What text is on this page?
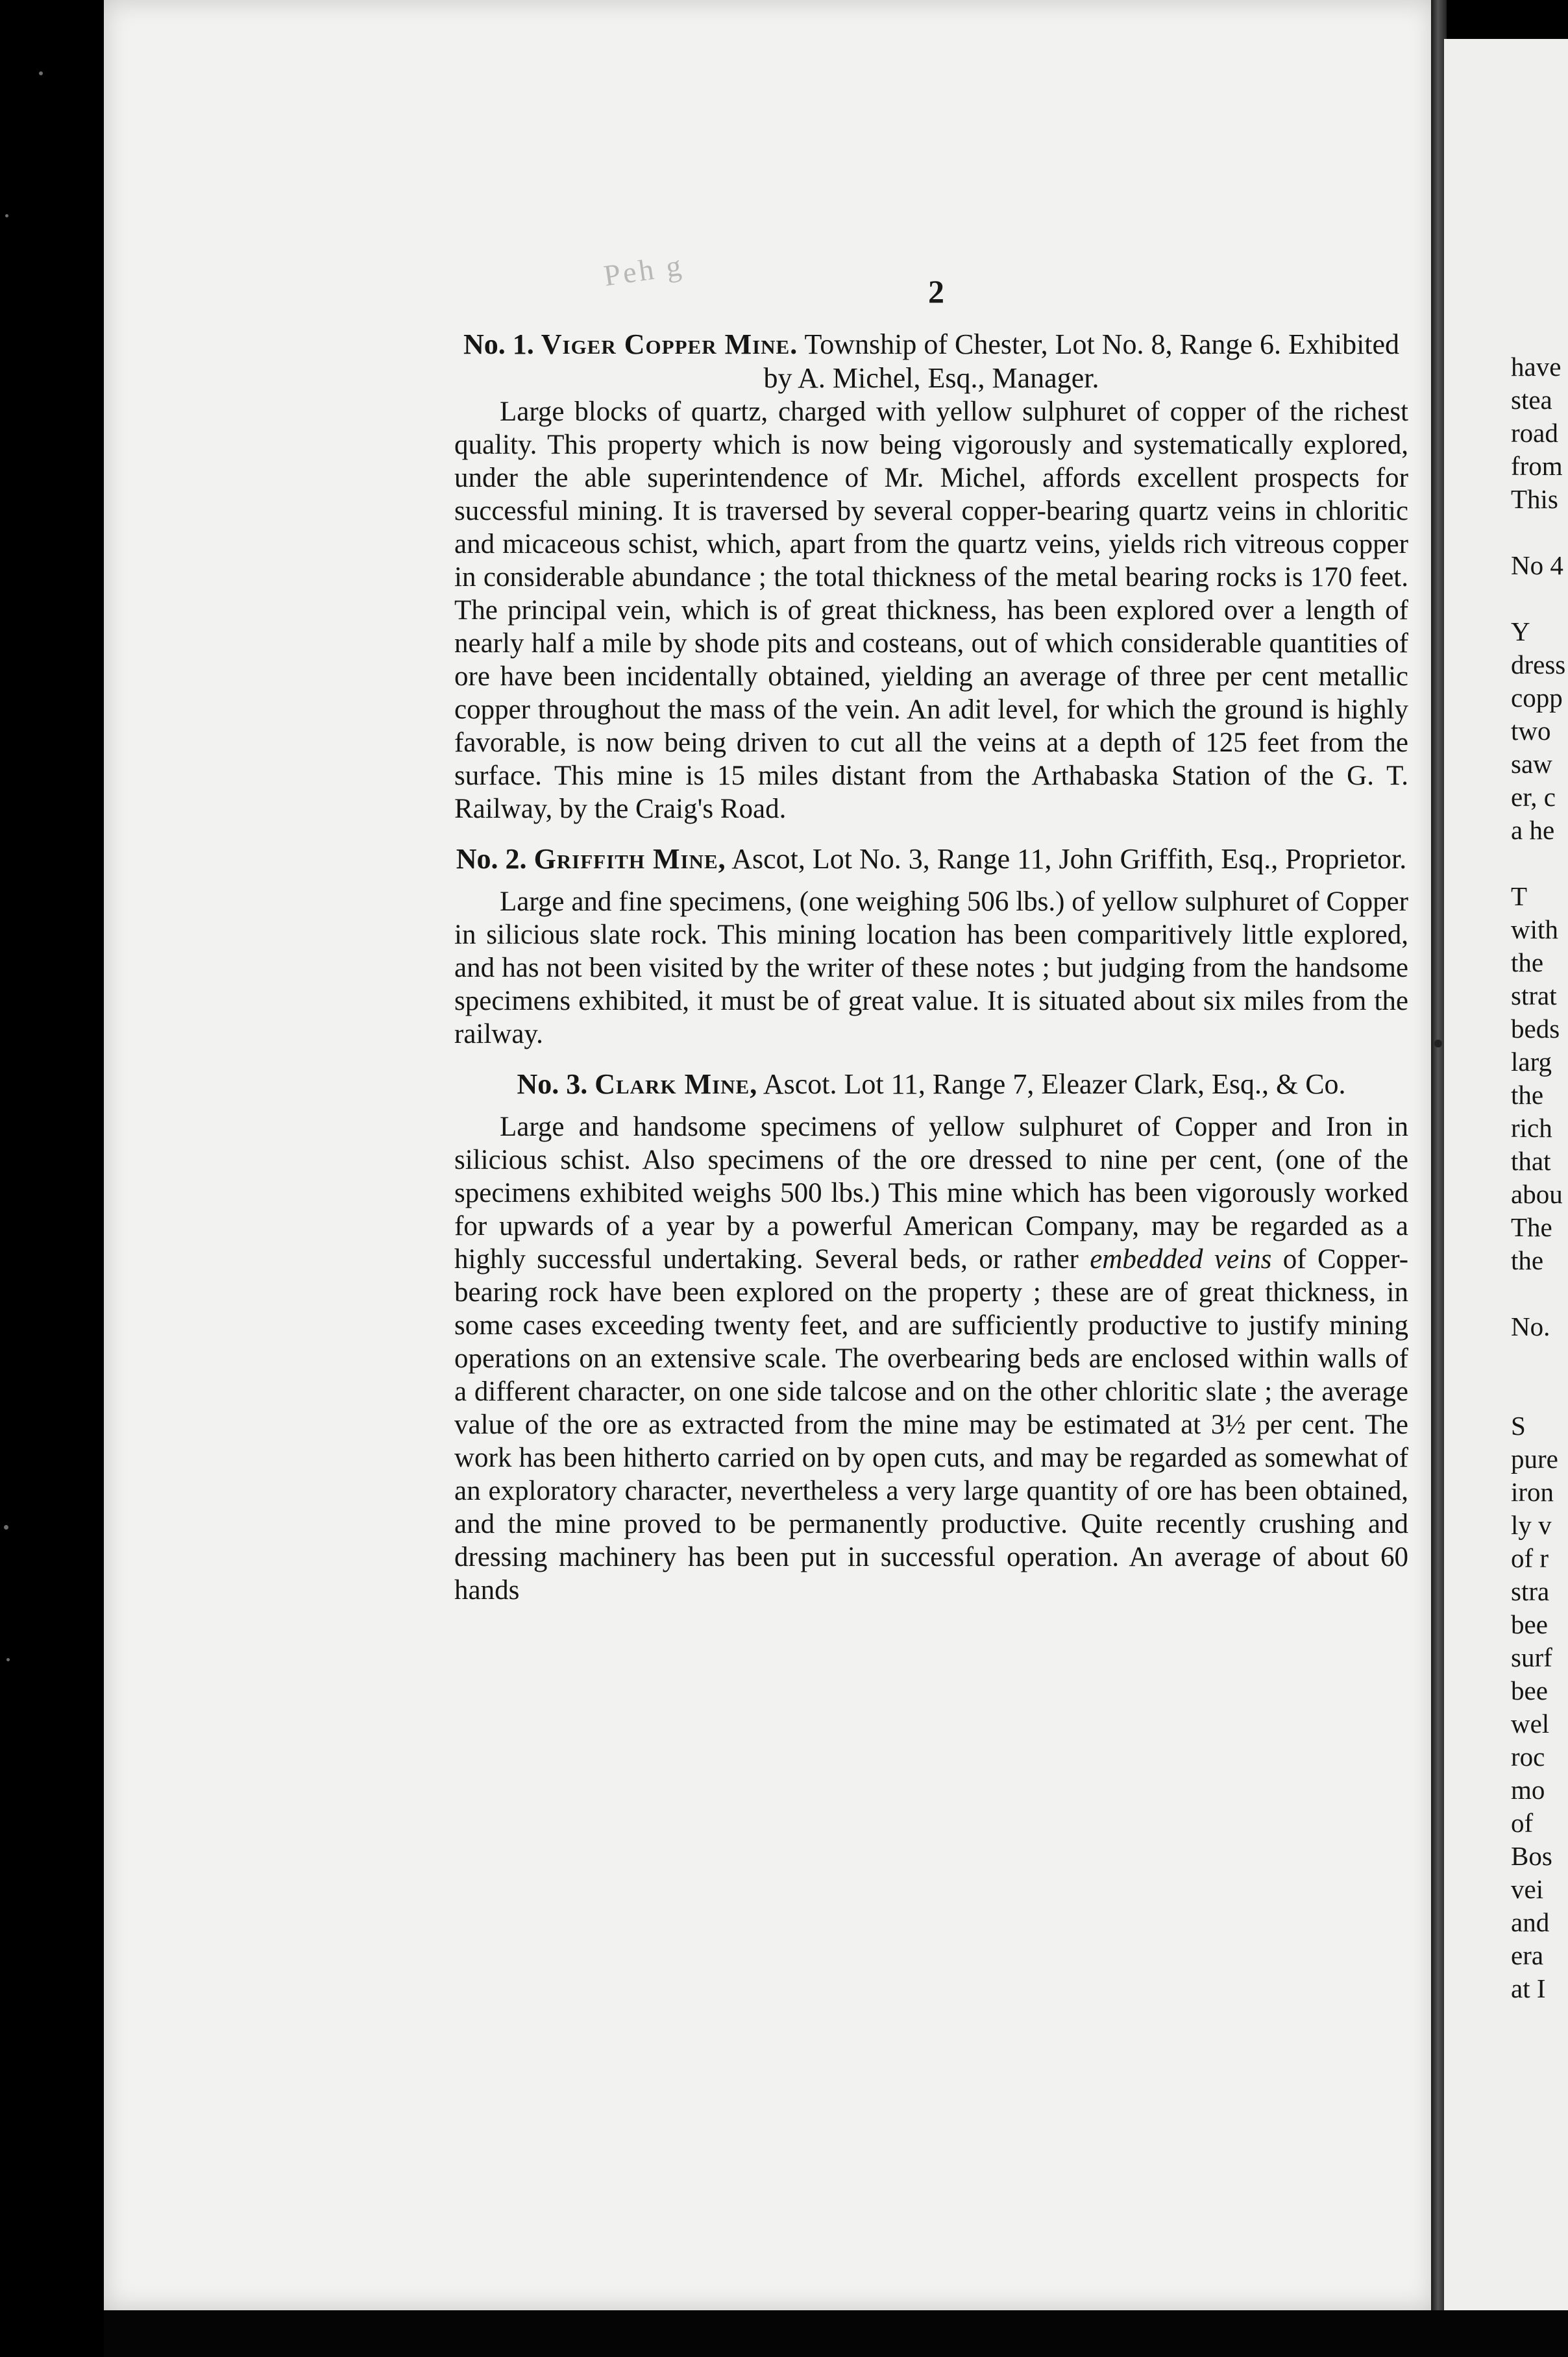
Peh g	2

No. 1. Viger Copper Mine. Township of Chester, Lot No. 8, Range 6. Exhibited by A. Michel, Esq., Manager.

Large blocks of quartz, charged with yellow sulphuret of copper of the richest quality. This property which is now being vigorously and systematically explored, under the able superintendence of Mr. Michel, affords excellent prospects for successful mining. It is traversed by several copper-bearing quartz veins in chloritic and micaceous schist, which, apart from the quartz veins, yields rich vitreous copper in considerable abundance ; the total thickness of the metal bearing rocks is 170 feet. The principal vein, which is of great thickness, has been explored over a length of nearly half a mile by shode pits and costeans, out of which considerable quantities of ore have been incidentally obtained, yielding an average of three per cent metallic copper throughout the mass of the vein. An adit level, for which the ground is highly favorable, is now being driven to cut all the veins at a depth of 125 feet from the surface. This mine is 15 miles distant from the Arthabaska Station of the G. T. Railway, by the Craig's Road.

No. 2. Griffith Mine, Ascot, Lot No. 3, Range 11, John Griffith, Esq., Proprietor.

Large and fine specimens, (one weighing 506 lbs.) of yellow sulphuret of Copper in silicious slate rock. This mining location has been comparitively little explored, and has not been visited by the writer of these notes ; but judging from the handsome specimens exhibited, it must be of great value. It is situated about six miles from the railway.

No. 3. Clark Mine, Ascot. Lot 11, Range 7, Eleazer Clark, Esq., & Co.

Large and handsome specimens of yellow sulphuret of Copper and Iron in silicious schist. Also specimens of the ore dressed to nine per cent, (one of the specimens exhibited weighs 500 lbs.) This mine which has been vigorously worked for upwards of a year by a powerful American Company, may be regarded as a highly successful undertaking. Several beds, or rather embedded veins of Copper-bearing rock have been explored on the property ; these are of great thickness, in some cases exceeding twenty feet, and are sufficiently productive to justify mining operations on an extensive scale. The overbearing beds are enclosed within walls of a different character, on one side talcose and on the other chloritic slate ; the average value of the ore as extracted from the mine may be estimated at 3½ per cent. The work has been hitherto carried on by open cuts, and may be regarded as somewhat of an exploratory character, nevertheless a very large quantity of ore has been obtained, and the mine proved to be permanently productive. Quite recently crushing and dressing machinery has been put in successful operation. An average of about 60 hands

have
stea
road
from
This
No 4
Y
dress
copp
two
saw
er, c
a he
T
with
the
strat
beds
larg
the
rich
that
abou
The
the
No.
S
pure
iron
ly v
of r
stra
bee
surf
bee
wel
roc
mo
of
Bos
vei
and
era
at I
